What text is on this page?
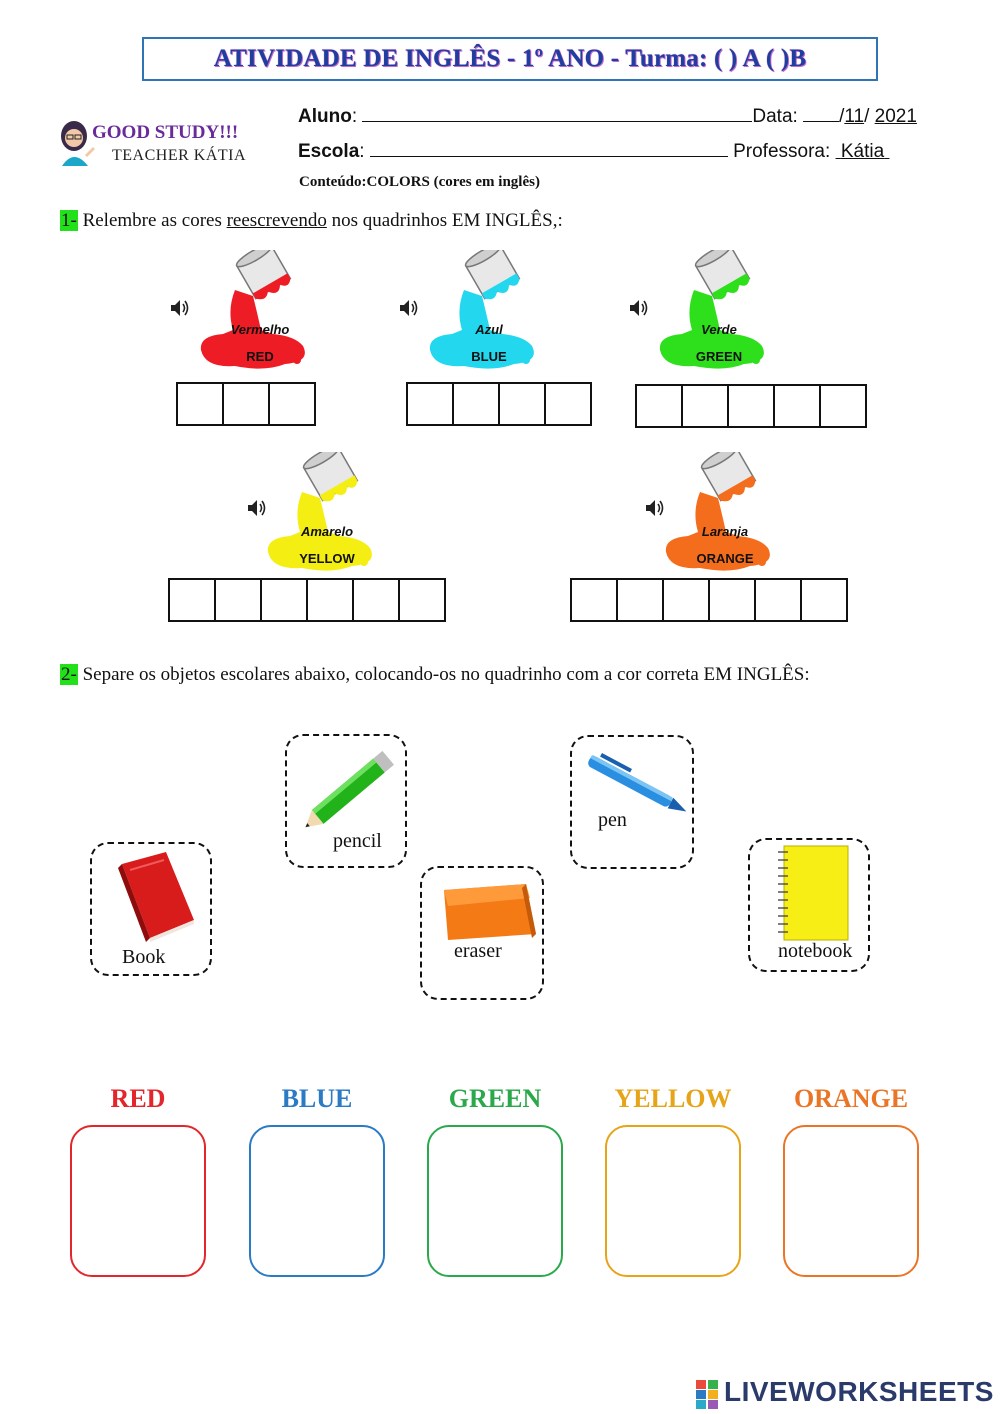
ATIVIDADE DE INGLÊS - 1º ANO - Turma: ( ) A ( )B
GOOD STUDY!!!
TEACHER KÁTIA
Aluno:	Data: /11/ 2021
Escola:	Professora: Kátia
Conteúdo:COLORS (cores em inglês)
1- Relembre as cores reescrevendo nos quadrinhos EM INGLÊS,:
Vermelho
RED
Azul
BLUE
Verde
GREEN
Amarelo
YELLOW
Laranja
ORANGE
2- Separe os objetos escolares abaixo, colocando-os no quadrinho com a cor correta EM INGLÊS:
Book
pencil
eraser
pen
notebook
RED	BLUE	GREEN	YELLOW	ORANGE
LIVEWORKSHEETS
